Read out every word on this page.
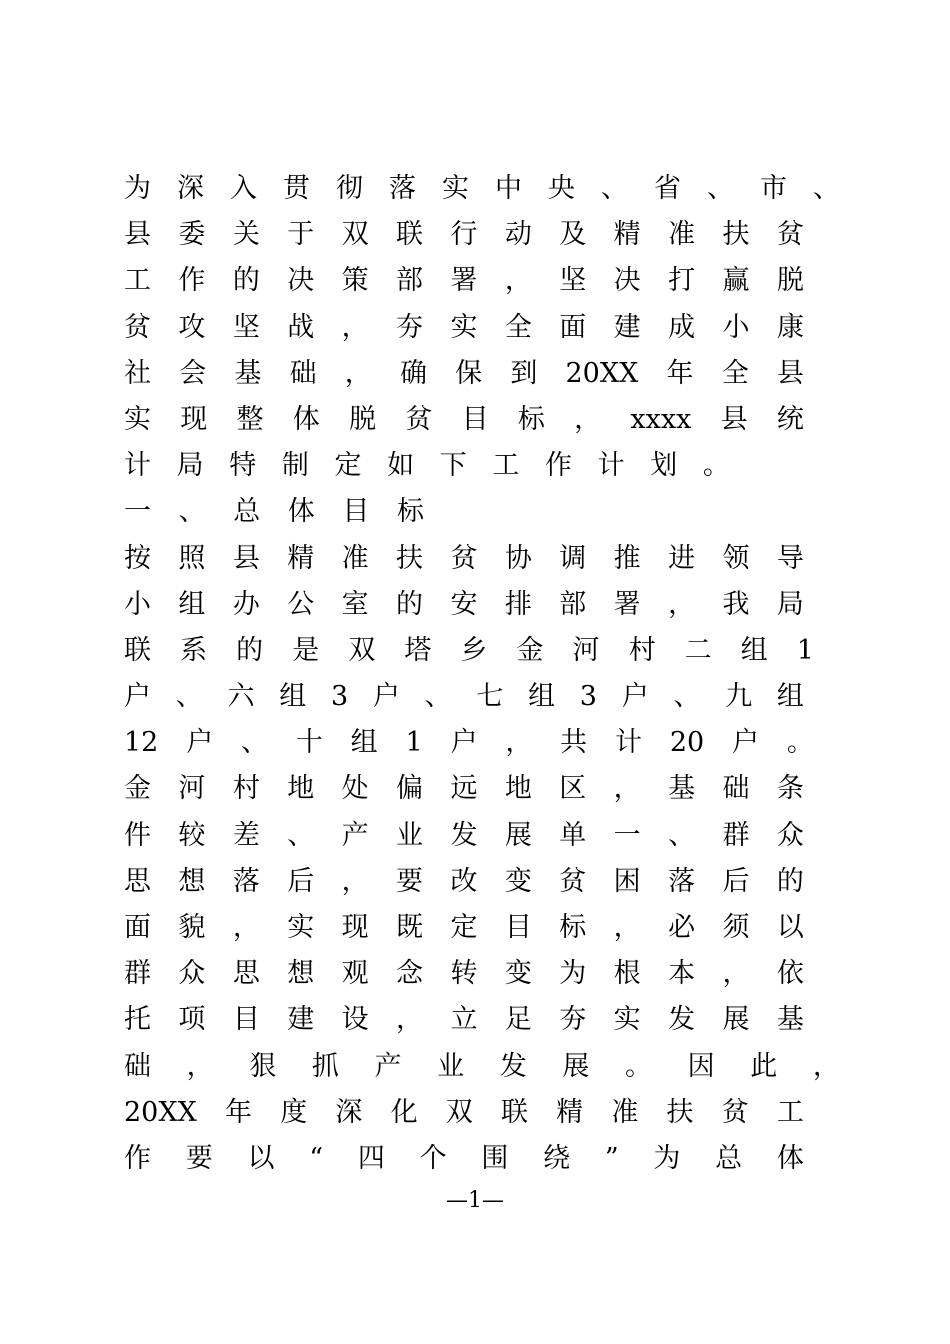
为 深 入 贯 彻 落 实 中 央 、 省 、 市 、
县 委 关 于 双 联 行 动 及 精 准 扶 贫
工 作 的 决 策 部 署 ， 坚 决 打 赢 脱
贫 攻 坚 战 ， 夯 实 全 面 建 成 小 康
社 会 基 础 ， 确 保 到 20XX 年 全 县
实 现 整 体 脱 贫 目 标 ， xxxx 县 统
计 局 特 制 定 如 下 工 作 计 划 。
一 、 总 体 目 标
按 照 县 精 准 扶 贫 协 调 推 进 领 导
小 组 办 公 室 的 安 排 部 署 ， 我 局
联 系 的 是 双 塔 乡 金 河 村 二 组 1
户 、 六 组 3 户 、 七 组 3 户 、 九 组
12 户 、 十 组 1 户 ， 共 计 20 户 。
金 河 村 地 处 偏 远 地 区 ， 基 础 条
件 较 差 、 产 业 发 展 单 一 、 群 众
思 想 落 后 ， 要 改 变 贫 困 落 后 的
面 貌 ， 实 现 既 定 目 标 ， 必 须 以
群 众 思 想 观 念 转 变 为 根 本 ， 依
托 项 目 建 设 ， 立 足 夯 实 发 展 基
础 ， 狠 抓 产 业 发 展 。 因 此 ，
20XX 年 度 深 化 双 联 精 准 扶 贫 工
作 要 以 “ 四 个 围 绕 ” 为 总 体
—1—
